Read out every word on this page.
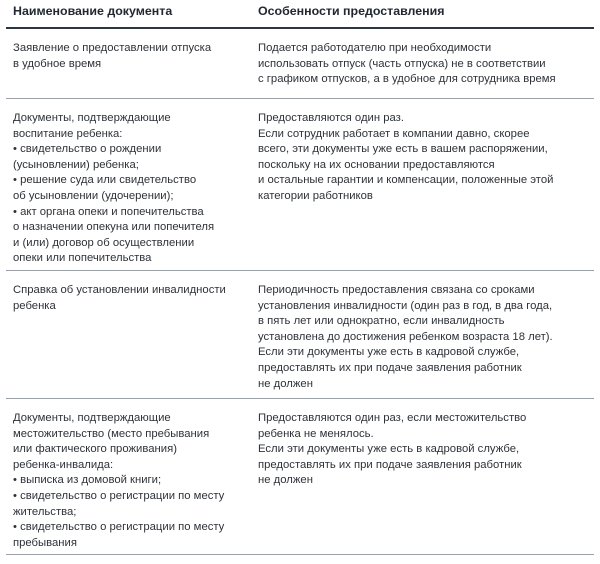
Наименование документа	Особенности предоставления
Заявление о предоставлении отпуска
в удобное время
Подается работодателю при необходимости
использовать отпуск (часть отпуска) не в соответствии
с графиком отпусков, а в удобное для сотрудника время
Документы, подтверждающие
воспитание ребенка:
• свидетельство о рождении
(усыновлении) ребенка;
• решение суда или свидетельство
об усыновлении (удочерении);
• акт органа опеки и попечительства
о назначении опекуна или попечителя
и (или) договор об осуществлении
опеки или попечительства
Предоставляются один раз.
Если сотрудник работает в компании давно, скорее
всего, эти документы уже есть в вашем распоряжении,
поскольку на их основании предоставляются
и остальные гарантии и компенсации, положенные этой
категории работников
Справка об установлении инвалидности
ребенка
Периодичность предоставления связана со сроками
установления инвалидности (один раз в год, в два года,
в пять лет или однократно, если инвалидность
установлена до достижения ребенком возраста 18 лет).
Если эти документы уже есть в кадровой службе,
предоставлять их при подаче заявления работник
не должен
Документы, подтверждающие
местожительство (место пребывания
или фактического проживания)
ребенка-инвалида:
• выписка из домовой книги;
• свидетельство о регистрации по месту
жительства;
• свидетельство о регистрации по месту
пребывания
Предоставляются один раз, если местожительство
ребенка не менялось.
Если эти документы уже есть в кадровой службе,
предоставлять их при подаче заявления работник
не должен
